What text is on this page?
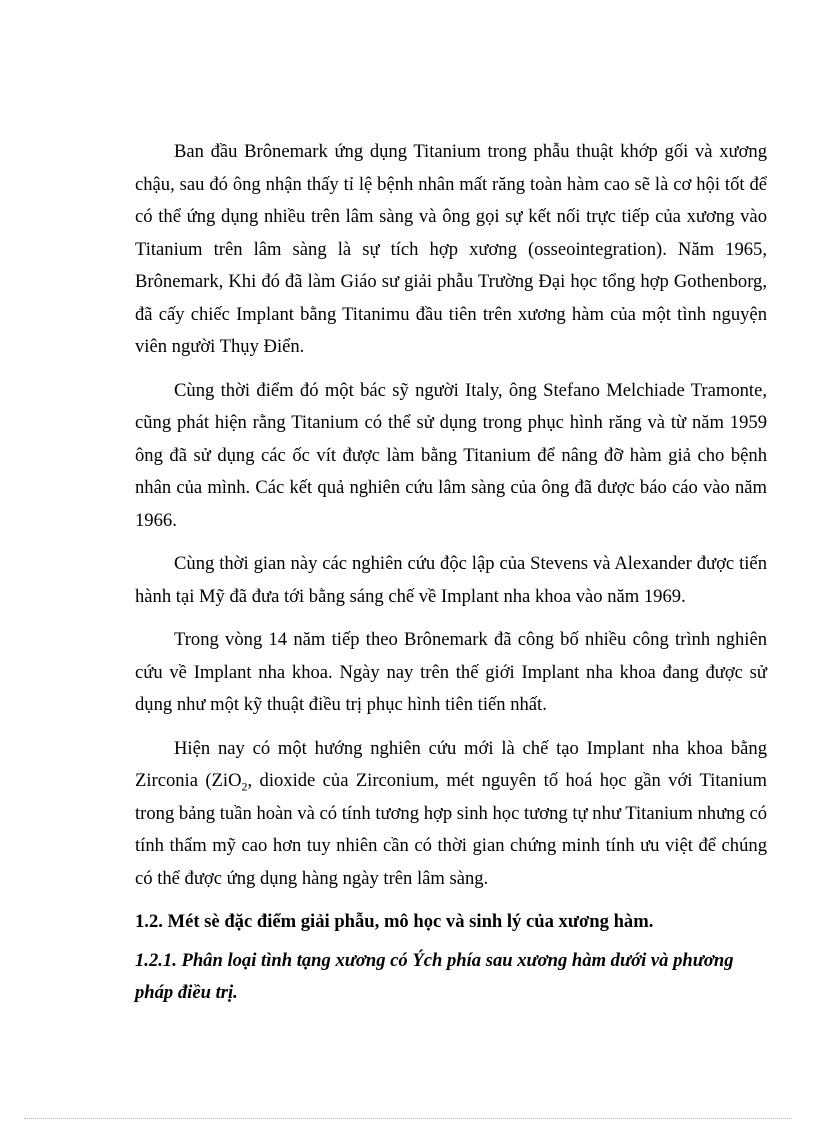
Ban đầu Brônemark ứng dụng Titanium trong phẫu thuật khớp gối và xương chậu, sau đó ông nhận thấy tỉ lệ bệnh nhân mất răng toàn hàm cao sẽ là cơ hội tốt để có thể ứng dụng nhiều trên lâm sàng và ông gọi sự kết nối trực tiếp của xương vào Titanium trên lâm sàng là sự tích hợp xương (osseointegration). Năm 1965, Brônemark, Khi đó đã làm Giáo sư giải phẫu Trường Đại học tổng hợp Gothenborg, đã cấy chiếc Implant bằng Titanimu đầu tiên trên xương hàm của một tình nguyện viên người Thụy Điển.

Cùng thời điểm đó một bác sỹ người Italy, ông Stefano Melchiade Tramonte, cũng phát hiện rằng Titanium có thể sử dụng trong phục hình răng và từ năm 1959 ông đã sử dụng các ốc vít được làm bằng Titanium để nâng đỡ hàm giả cho bệnh nhân của mình. Các kết quả nghiên cứu lâm sàng của ông đã được báo cáo vào năm 1966.

Cùng thời gian này các nghiên cứu độc lập của Stevens và Alexander được tiến hành tại Mỹ đã đưa tới bằng sáng chế về Implant nha khoa vào năm 1969.

Trong vòng 14 năm tiếp theo Brônemark đã công bố nhiều công trình nghiên cứu về Implant nha khoa. Ngày nay trên thế giới Implant nha khoa đang được sử dụng như một kỹ thuật điều trị phục hình tiên tiến nhất.

Hiện nay có một hướng nghiên cứu mới là chế tạo Implant nha khoa bằng Zirconia (ZiO$_2$, dioxide của Zirconium, mét nguyên tố hoá học gần với Titanium trong bảng tuần hoàn và có tính tương hợp sinh học tương tự như Titanium nhưng có tính thẩm mỹ cao hơn tuy nhiên cần có thời gian chứng minh tính ưu việt để chúng có thể được ứng dụng hàng ngày trên lâm sàng.

1.2. Mét sè đặc điểm giải phẫu, mô học và sinh lý của xương hàm.

1.2.1. Phân loại tình tạng xương có Ých phía sau xương hàm dưới và phương pháp điều trị.
